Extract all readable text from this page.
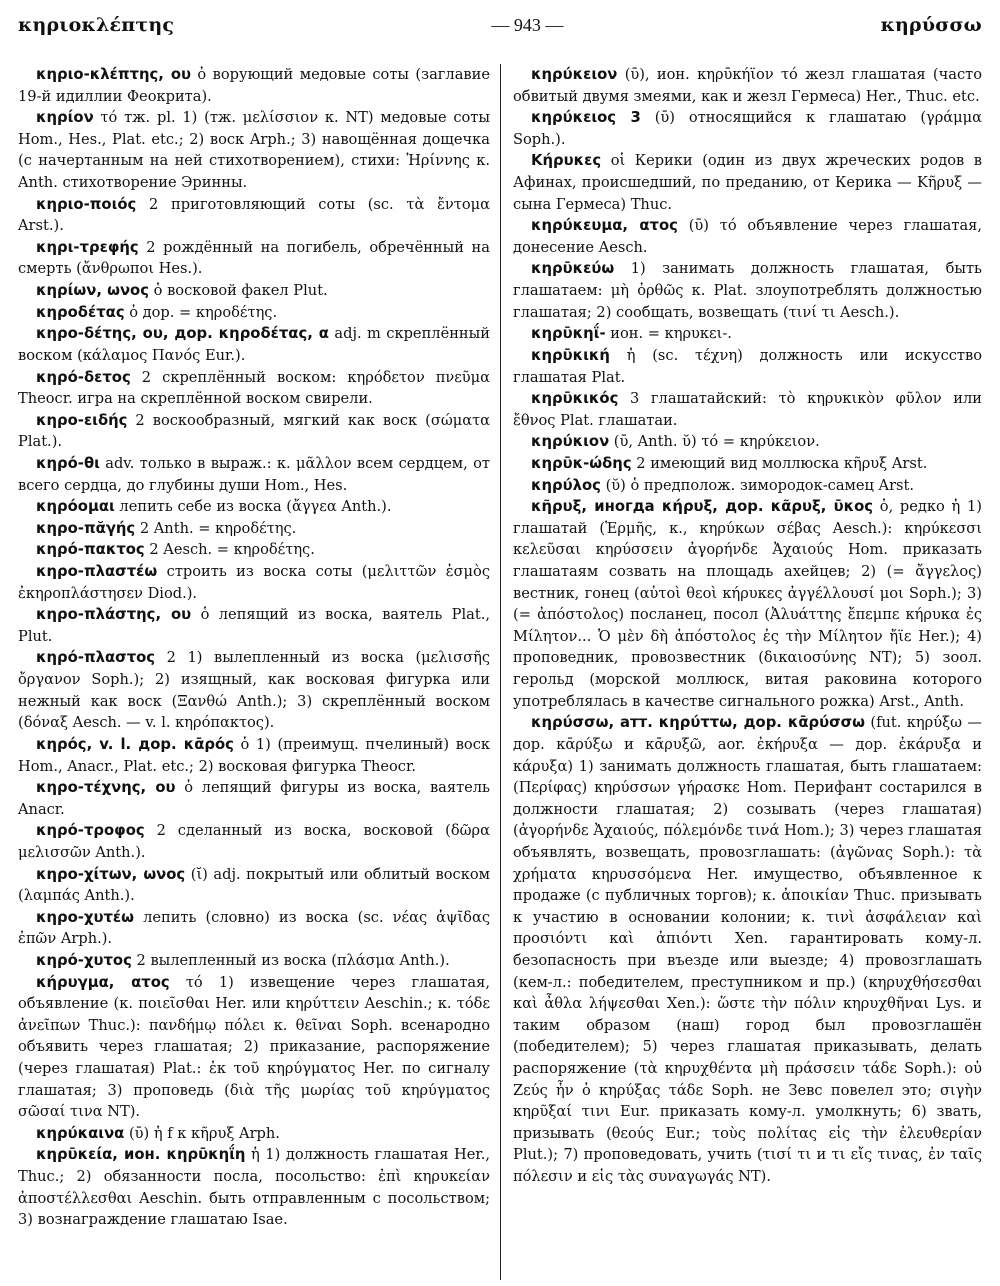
κηριοκλέπτης	— 943 —	κηρύσσω

κηριο-κλέπτης, ου ὁ ворующий медовые соты (заглавие 19-й идиллии Феокрита).

κηρίον τό тж. pl. 1) (тж. μελίσσιον κ. NT) медовые соты Hom., Hes., Plat. etc.; 2) воск Arph.; 3) навощённая дощечка (с начертанным на ней стихотворением), стихи: Ἠρίννης κ. Anth. стихотворение Эринны.

κηριο-ποιός 2 приготовляющий соты (sc. τὰ ἔντομα Arst.).

κηρι-τρεφής 2 рождённый на погибель, обречённый на смерть (ἄνθρωποι Hes.).

κηρίων, ωνος ὁ восковой факел Plut.

κηροδέτας ὁ дор. = κηροδέτης.

κηρο-δέτης, ου, дор. κηροδέτας, α adj. m скреплённый воском (κάλαμος Πανός Eur.).

κηρό-δετος 2 скреплённый воском: κηρόδετον πνεῦμα Theocr. игра на скреплённой воском свирели.

κηρο-ειδής 2 воскообразный, мягкий как воск (σώματα Plat.).

κηρό-θι adv. только в выраж.: κ. μᾶλλον всем сердцем, от всего сердца, до глубины души Hom., Hes.

κηρόομαι лепить себе из воска (ἄγγεα Anth.).

κηρο-πᾰγής 2 Anth. = κηροδέτης.

κηρό-πακτος 2 Aesch. = κηροδέτης.

κηρο-πλαστέω строить из воска соты (μελιττῶν ἑσμὸς ἐκηροπλάστησεν Diod.).

κηρο-πλάστης, ου ὁ лепящий из воска, ваятель Plat., Plut.

κηρό-πλαστος 2 1) вылепленный из воска (μελισσῆς ὄργανον Soph.); 2) изящный, как восковая фигурка или нежный как воск (Ξανθώ Anth.); 3) скреплённый воском (δόναξ Aesch. — v. l. κηρόπακτος).

κηρός, v. l. дор. κᾱρός ὁ 1) (преимущ. пчелиный) воск Hom., Anacr., Plat. etc.; 2) восковая фигурка Theocr.

κηρο-τέχνης, ου ὁ лепящий фигуры из воска, ваятель Anacr.

κηρό-τροφος 2 сделанный из воска, восковой (δῶρα μελισσῶν Anth.).

κηρο-χίτων, ωνος (ῐ) adj. покрытый или облитый воском (λαμπάς Anth.).

κηρο-χυτέω лепить (словно) из воска (sc. νέας ἁψῖδας ἐπῶν Arph.).

κηρό-χυτος 2 вылепленный из воска (πλάσμα Anth.).

κήρυγμα, ατος τό 1) извещение через глашатая, объявление (κ. ποιεῖσθαι Her. или κηρύττειν Aeschin.; κ. τόδε ἀνεῖπων Thuc.): πανδήμῳ πόλει κ. θεῖναι Soph. всенародно объявить через глашатая; 2) приказание, распоряжение (через глашатая) Plat.: ἐκ τοῦ κηρύγματος Her. по сигналу глашатая; 3) проповедь (διὰ τῆς μωρίας τοῦ κηρύγματος σῶσαί τινα NT).

κηρύκαινα (ῡ) ἡ f к κῆρυξ Arph.

κηρῡκεία, ион. κηρῡκηΐη ἡ 1) должность глашатая Her., Thuc.; 2) обязанности посла, посольство: ἐπὶ κηρυκείαν ἀποστέλλεσθαι Aeschin. быть отправленным с посольством; 3) вознаграждение глашатаю Isae.

κηρύκειον (ῡ), ион. κηρῡκήϊον τό жезл глашатая (часто обвитый двумя змеями, как и жезл Гермеса) Her., Thuc. etc.

κηρύκειος 3 (ῡ) относящийся к глашатаю (γράμμα Soph.).

Κήρυκες οἱ Керики (один из двух жреческих родов в Афинах, происшедший, по преданию, от Керика — Κῆρυξ — сына Гермеса) Thuc.

κηρύκευμα, ατος (ῡ) τό объявление через глашатая, донесение Aesch.

κηρῡκεύω 1) занимать должность глашатая, быть глашатаем: μὴ ὀρθῶς κ. Plat. злоупотреблять должностью глашатая; 2) сообщать, возвещать (τινί τι Aesch.).

κηρῡκηΐ- ион. = κηρυκει-.

κηρῡκική ἡ (sc. τέχνη) должность или искусство глашатая Plat.

κηρῡκικός 3 глашатайский: τὸ κηρυκικὸν φῦλον или ἔθνος Plat. глашатаи.

κηρύκιον (ῡ, Anth. ῠ) τό = κηρύκειον.

κηρῡκ-ώδης 2 имеющий вид моллюска κῆρυξ Arst.

κηρύλος (ῠ) ὁ предполож. зимородок-самец Arst.

κῆρυξ, иногда κήρυξ, дор. κᾶρυξ, ῡκος ὁ, редко ἡ 1) глашатай (Ἑρμῆς, κ., κηρύκων σέβας Aesch.): κηρύκεσσι κελεῦσαι κηρύσσειν ἀγορήνδε Ἀχαιούς Hom. приказать глашатаям созвать на площадь ахейцев; 2) (= ἄγγελος) вестник, гонец (αὐτοὶ θεοὶ κήρυκες ἀγγέλλουσί μοι Soph.); 3) (= ἀπόστολος) посланец, посол (Ἀλυάττης ἔπεμπε κήρυκα ἐς Μίλητον... Ὁ μὲν δὴ ἀπόστολος ἐς τὴν Μίλητον ἤϊε Her.); 4) проповедник, провозвестник (δικαιοσύνης NT); 5) зоол. герольд (морской моллюск, витая раковина которого употреблялась в качестве сигнального рожка) Arst., Anth.

κηρύσσω, атт. κηρύττω, дор. κᾱρύσσω (fut. κηρύξω — дор. κᾱρύξω и κᾱρυξῶ, aor. ἐκήρυξα — дор. ἐκάρυξα и κάρυξα) 1) занимать должность глашатая, быть глашатаем: (Περίφας) κηρύσσων γήρασκε Hom. Перифант состарился в должности глашатая; 2) созывать (через глашатая) (ἀγορήνδε Ἀχαιούς, πόλεμόνδε τινά Hom.); 3) через глашатая объявлять, возвещать, провозглашать: (ἀγῶνας Soph.): τὰ χρήματα κηρυσσόμενα Her. имущество, объявленное к продаже (с публичных торгов); κ. ἀποικίαν Thuc. призывать к участию в основании колонии; κ. τινὶ ἀσφάλειαν καὶ προσιόντι καὶ ἀπιόντι Xen. гарантировать кому-л. безопасность при въезде или выезде; 4) провозглашать (кем-л.: победителем, преступником и пр.) (κηρυχθήσεσθαι καὶ ἆθλα λήψεσθαι Xen.): ὥστε τὴν πόλιν κηρυχθῆναι Lys. и таким образом (наш) город был провозглашён (победителем); 5) через глашатая приказывать, делать распоряжение (τὰ κηρυχθέντα μὴ πράσσειν τάδε Soph.): οὐ Ζεύς ἦν ὁ κηρύξας τάδε Soph. не Зевс повелел это; σιγὴν κηρῦξαί τινι Eur. приказать кому-л. умолкнуть; 6) звать, призывать (θεούς Eur.; τοὺς πολίτας εἰς τὴν ἐλευθερίαν Plut.); 7) проповедовать, учить (τισί τι и τι εἴς τινας, ἐν ταῖς πόλεσιν и εἰς τὰς συναγωγάς NT).
